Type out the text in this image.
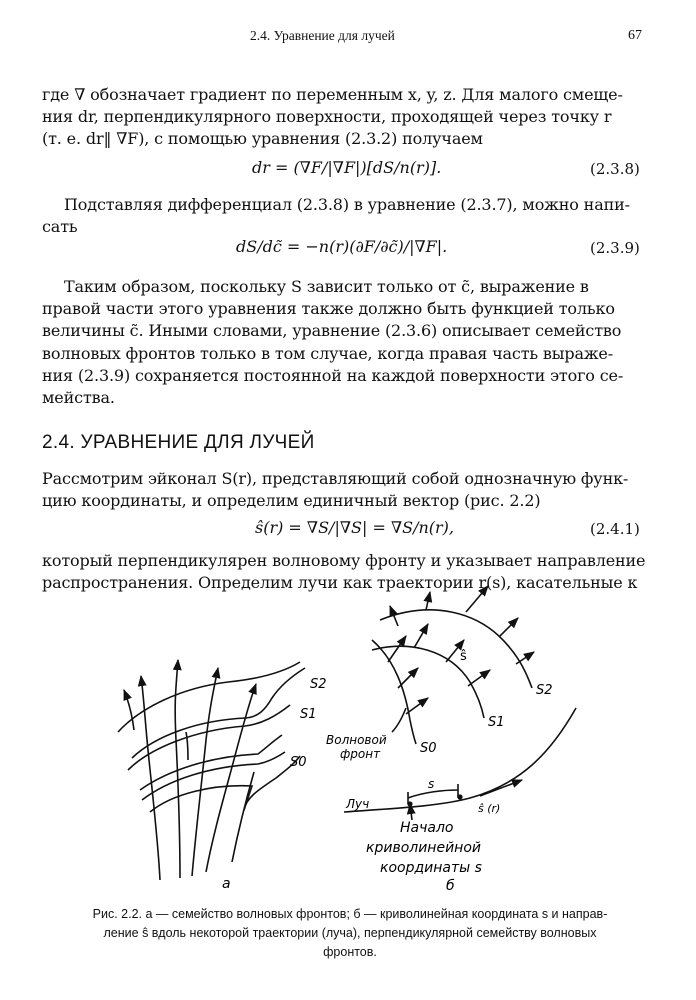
2.4. Уравнение для лучей	67
где ∇ обозначает градиент по переменным x, y, z. Для малого смеще-
ния dr, перпендикулярного поверхности, проходящей через точку r
(т. е. dr‖ ∇F), с помощью уравнения (2.3.2) получаем
dr = (∇F/|∇F|)[dS/n(r)].	(2.3.8)
Подставляя дифференциал (2.3.8) в уравнение (2.3.7), можно напи-
сать
dS/dc̃ = −n(r)(∂F/∂c̃)/|∇F|.	(2.3.9)
Таким образом, поскольку S зависит только от c̃, выражение в
правой части этого уравнения также должно быть функцией только
величины c̃. Иными словами, уравнение (2.3.6) описывает семейство
волновых фронтов только в том случае, когда правая часть выраже-
ния (2.3.9) сохраняется постоянной на каждой поверхности этого се-
мейства.
2.4. УРАВНЕНИЕ ДЛЯ ЛУЧЕЙ
Рассмотрим эйконал S(r), представляющий собой однозначную функ-
цию координаты, и определим единичный вектор (рис. 2.2)
ŝ(r) = ∇S/|∇S| = ∇S/n(r),	(2.4.1)
который перпендикулярен волновому фронту и указывает направление
распространения. Определим лучи как траектории r(s), касательные к
S2
S1
S0
а
ŝ
S2
S1
S0
Волновой
фронт
Луч
s
ŝ (r)
Начало
криволинейной
координаты s
б
Рис. 2.2. а — семейство волновых фронтов; б — криволинейная координата s и направ-
ление ŝ вдоль некоторой траектории (луча), перпендикулярной семейству волновых
фронтов.
